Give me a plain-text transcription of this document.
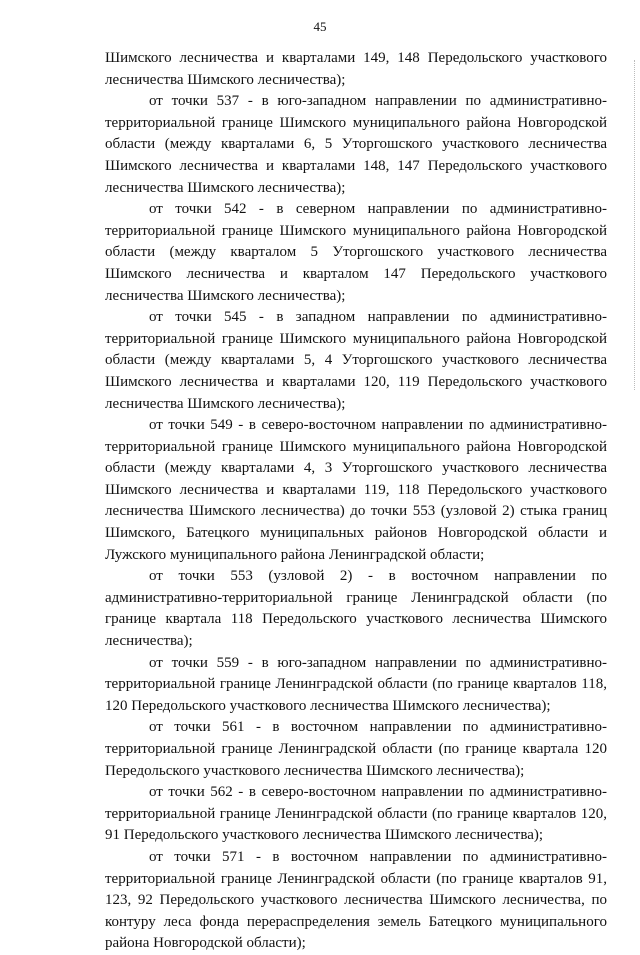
45

Шимского лесничества и кварталами 149, 148 Передольского участкового лесничества Шимского лесничества);

от точки 537 - в юго-западном направлении по административно-территориальной границе Шимского муниципального района Новгородской области (между кварталами 6, 5 Уторгошского участкового лесничества Шимского лесничества и кварталами 148, 147 Передольского участкового лесничества Шимского лесничества);

от точки 542 - в северном направлении по административно-территориальной границе Шимского муниципального района Новгородской области (между кварталом 5 Уторгошского участкового лесничества Шимского лесничества и кварталом 147 Передольского участкового лесничества Шимского лесничества);

от точки 545 - в западном направлении по административно-территориальной границе Шимского муниципального района Новгородской области (между кварталами 5, 4 Уторгошского участкового лесничества Шимского лесничества и кварталами 120, 119 Передольского участкового лесничества Шимского лесничества);

от точки 549 - в северо-восточном направлении по административно-территориальной границе Шимского муниципального района Новгородской области (между кварталами 4, 3 Уторгошского участкового лесничества Шимского лесничества и кварталами 119, 118 Передольского участкового лесничества Шимского лесничества) до точки 553 (узловой 2) стыка границ Шимского, Батецкого муниципальных районов Новгородской области и Лужского муниципального района Ленинградской области;

от точки 553 (узловой 2) - в восточном направлении по административно-территориальной границе Ленинградской области (по границе квартала 118 Передольского участкового лесничества Шимского лесничества);

от точки 559 - в юго-западном направлении по административно-территориальной границе Ленинградской области (по границе кварталов 118, 120 Передольского участкового лесничества Шимского лесничества);

от точки 561 - в восточном направлении по административно-территориальной границе Ленинградской области (по границе квартала 120 Передольского участкового лесничества Шимского лесничества);

от точки 562 - в северо-восточном направлении по административно-территориальной границе Ленинградской области (по границе кварталов 120, 91 Передольского участкового лесничества Шимского лесничества);

от точки 571 - в восточном направлении по административно-территориальной границе Ленинградской области (по границе кварталов 91, 123, 92 Передольского участкового лесничества Шимского лесничества, по контуру леса фонда перераспределения земель Батецкого муниципального района Новгородской области);
